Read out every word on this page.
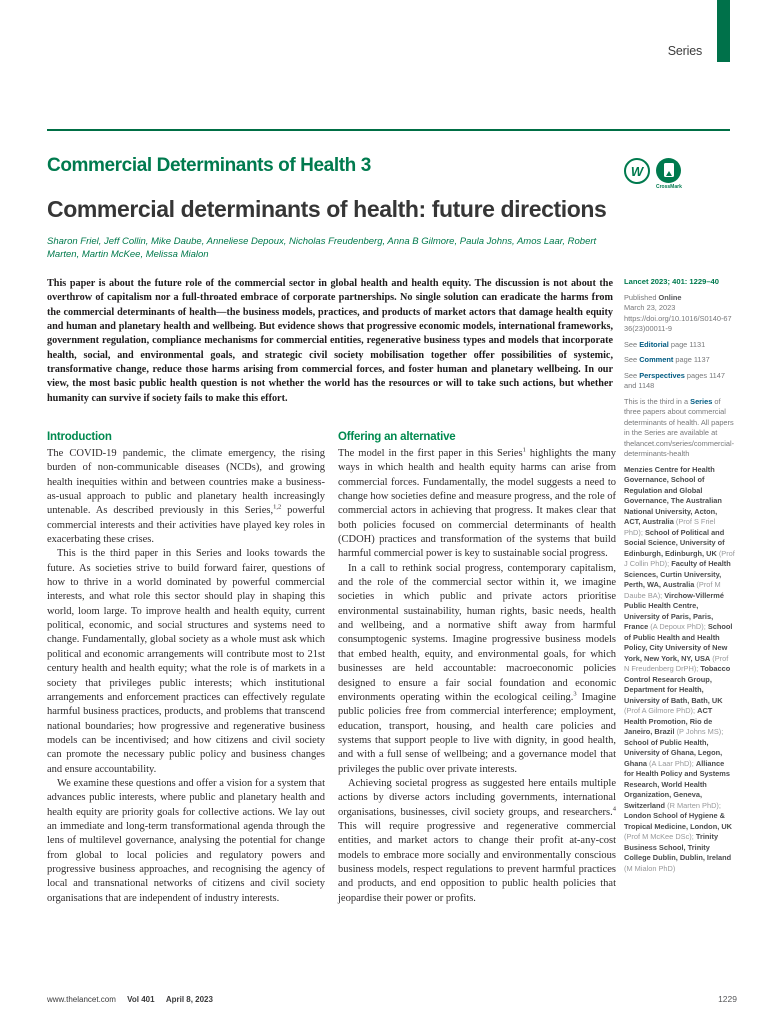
Series
Commercial Determinants of Health 3
Commercial determinants of health: future directions

Sharon Friel, Jeff Collin, Mike Daube, Anneliese Depoux, Nicholas Freudenberg, Anna B Gilmore, Paula Johns, Amos Laar, Robert Marten, Martin McKee, Melissa Mialon

W
CrossMark

This paper is about the future role of the commercial sector in global health and health equity. The discussion is not about the overthrow of capitalism nor a full-throated embrace of corporate partnerships. No single solution can eradicate the harms from the commercial determinants of health—the business models, practices, and products of market actors that damage health equity and human and planetary health and wellbeing. But evidence shows that progressive economic models, international frameworks, government regulation, compliance mechanisms for commercial entities, regenerative business types and models that incorporate health, social, and environmental goals, and strategic civil society mobilisation together offer possibilities of systemic, transformative change, reduce those harms arising from commercial forces, and foster human and planetary wellbeing. In our view, the most basic public health question is not whether the world has the resources or will to take such actions, but whether humanity can survive if society fails to make this effort.

Introduction

The COVID-19 pandemic, the climate emergency, the rising burden of non-communicable diseases (NCDs), and growing health inequities within and between countries make a business-as-usual approach to public and planetary health increasingly untenable. As described previously in this Series,$^{1,2}$ powerful commercial interests and their activities have played key roles in exacerbating these crises.

This is the third paper in this Series and looks towards the future. As societies strive to build forward fairer, questions of how to thrive in a world dominated by powerful commercial interests, and what role this sector should play in shaping this world, loom large. To improve health and health equity, current political, economic, and social structures and systems need to change. Fundamentally, global society as a whole must ask which political and economic arrangements will contribute most to 21st century health and health equity; what the role is of markets in a society that privileges public interests; which institutional arrangements and enforcement practices can effectively regulate harmful business practices, products, and problems that transcend national boundaries; how progressive and regenerative business models can be incentivised; and how citizens and civil society can promote the necessary public policy and business changes and ensure accountability.

We examine these questions and offer a vision for a system that advances public interests, where public and planetary health and health equity are priority goals for collective actions. We lay out an immediate and long-term transformational agenda through the lens of multilevel governance, analysing the potential for change from global to local policies and regulatory powers and progressive business approaches, and recognising the agency of local and transnational networks of citizens and civil society organisations that are independent of industry interests.

Offering an alternative

The model in the first paper in this Series$^1$ highlights the many ways in which health and health equity harms can arise from commercial forces. Fundamentally, the model suggests a need to change how societies define and measure progress, and the role of commercial actors in achieving that progress. It makes clear that both policies focused on commercial determinants of health (CDOH) practices and transformation of the systems that build harmful commercial power is key to sustainable social progress.

In a call to rethink social progress, contemporary capitalism, and the role of the commercial sector within it, we imagine societies in which public and private actors prioritise environmental sustainability, human rights, basic needs, health and wellbeing, and a normative shift away from harmful consumptogenic systems. Imagine progressive business models that embed health, equity, and environmental goals, for which businesses are held accountable: macroeconomic policies designed to ensure a fair social foundation and economic environments operating within the ecological ceiling.$^3$ Imagine public policies free from commercial interference; employment, education, transport, housing, and health care policies and systems that support people to live with dignity, in good health, and with a full sense of wellbeing; and a governance model that privileges the public over private interests.

Achieving societal progress as suggested here entails multiple actions by diverse actors including governments, international organisations, businesses, civil society groups, and researchers.$^4$ This will require progressive and regenerative commercial entities, and market actors to change their profit at-any-cost models to embrace more socially and environmentally conscious business models, respect regulations to prevent harmful practices and products, and end opposition to public health policies that jeopardise their power or profits.

Lancet 2023; 401: 1229–40

Published Online
March 23, 2023
https://doi.org/10.1016/S0140-6736(23)00011-9

See Editorial page 1131

See Comment page 1137

See Perspectives pages 1147 and 1148

This is the third in a Series of three papers about commercial determinants of health. All papers in the Series are available at thelancet.com/series/commercial-determinants-health

Menzies Centre for Health Governance, School of Regulation and Global Governance, The Australian National University, Acton, ACT, Australia (Prof S Friel PhD); School of Political and Social Science, University of Edinburgh, Edinburgh, UK (Prof J Collin PhD); Faculty of Health Sciences, Curtin University, Perth, WA, Australia (Prof M Daube BA); Virchow-Villermé Public Health Centre, University of Paris, Paris, France (A Depoux PhD); School of Public Health and Health Policy, City University of New York, New York, NY, USA (Prof N Freudenberg DrPH); Tobacco Control Research Group, Department for Health, University of Bath, Bath, UK (Prof A Gilmore PhD); ACT Health Promotion, Rio de Janeiro, Brazil (P Johns MS); School of Public Health, University of Ghana, Legon, Ghana (A Laar PhD); Alliance for Health Policy and Systems Research, World Health Organization, Geneva, Switzerland (R Marten PhD); London School of Hygiene & Tropical Medicine, London, UK (Prof M McKee DSc); Trinity Business School, Trinity College Dublin, Dublin, Ireland (M Mialon PhD)

www.thelancet.com Vol 401 April 8, 2023	1229
